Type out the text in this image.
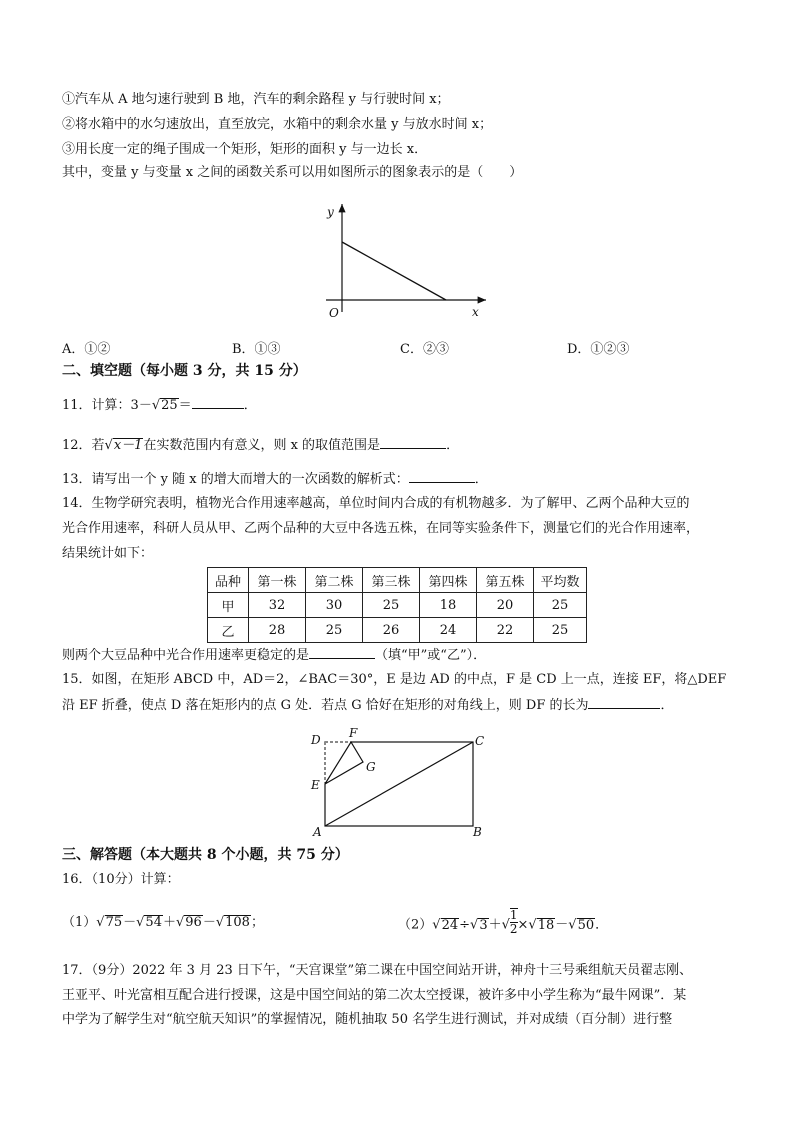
①汽车从 A 地匀速行驶到 B 地，汽车的剩余路程 y 与行驶时间 x；
②将水箱中的水匀速放出，直至放完，水箱中的剩余水量 y 与放水时间 x；
③用长度一定的绳子围成一个矩形，矩形的面积 y 与一边长 x．
其中，变量 y 与变量 x 之间的函数关系可以用如图所示的图象表示的是（　　）
y
x
O
A．①②	B．①③	C．②③	D．①②③
二、填空题（每小题 3 分，共 15 分）
11．计算：3－√25＝	．
12．若√x－1在实数范围内有意义，则 x 的取值范围是	．
13．请写出一个 y 随 x 的增大而增大的一次函数的解析式：	．
14．生物学研究表明，植物光合作用速率越高，单位时间内合成的有机物越多．为了解甲、乙两个品种大豆的
光合作用速率，科研人员从甲、乙两个品种的大豆中各选五株，在同等实验条件下，测量它们的光合作用速率，
结果统计如下：
品种	第一株	第二株	第三株	第四株	第五株	平均数
甲	32	30	25	18	20	25
乙	28	25	26	24	22	25
则两个大豆品种中光合作用速率更稳定的是	（填“甲”或“乙”）．
15．如图，在矩形 ABCD 中，AD＝2，∠BAC＝30°，E 是边 AD 的中点，F 是 CD 上一点，连接 EF，将△DEF
沿 EF 折叠，使点 D 落在矩形内的点 G 处．若点 G 恰好在矩形的对角线上，则 DF 的长为	．
D F
C
G
E
A	B
三、解答题（本大题共 8 个小题，共 75 分）
16．（10分）计算：
（1）√75－√54＋√96－√108；	$(2)√24\div√3+√ \frac{1}{2} \times√18-√50$．
17．（9分）2022 年 3 月 23 日下午，“天宫课堂”第二课在中国空间站开讲，神舟十三号乘组航天员翟志刚、
王亚平、叶光富相互配合进行授课，这是中国空间站的第二次太空授课，被许多中小学生称为“最牛网课”．某
中学为了解学生对“航空航天知识”的掌握情况，随机抽取 50 名学生进行测试，并对成绩（百分制）进行整
